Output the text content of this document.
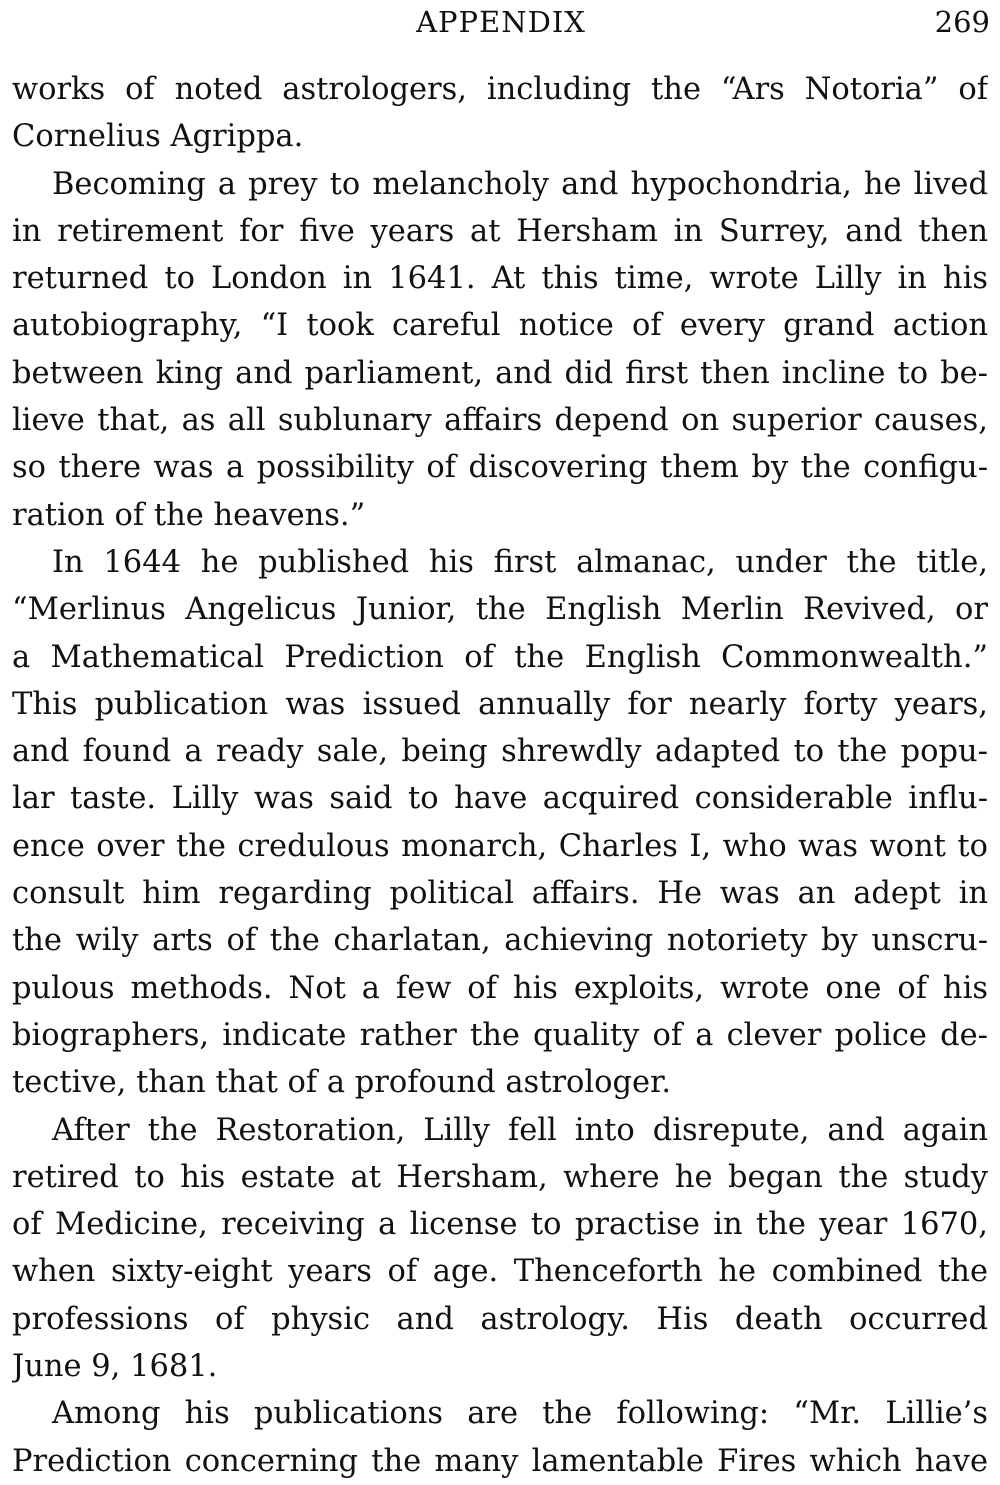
APPENDIX	269
works of noted astrologers, including the “Ars Notoria” of
Cornelius Agrippa.
Becoming a prey to melancholy and hypochondria, he lived
in retirement for five years at Hersham in Surrey, and then
returned to London in 1641. At this time, wrote Lilly in his
autobiography, “I took careful notice of every grand action
between king and parliament, and did first then incline to be-
lieve that, as all sublunary affairs depend on superior causes,
so there was a possibility of discovering them by the configu-
ration of the heavens.”
In 1644 he published his first almanac, under the title,
“Merlinus Angelicus Junior, the English Merlin Revived, or
a Mathematical Prediction of the English Commonwealth.”
This publication was issued annually for nearly forty years,
and found a ready sale, being shrewdly adapted to the popu-
lar taste. Lilly was said to have acquired considerable influ-
ence over the credulous monarch, Charles I, who was wont to
consult him regarding political affairs. He was an adept in
the wily arts of the charlatan, achieving notoriety by unscru-
pulous methods. Not a few of his exploits, wrote one of his
biographers, indicate rather the quality of a clever police de-
tective, than that of a profound astrologer.
After the Restoration, Lilly fell into disrepute, and again
retired to his estate at Hersham, where he began the study
of Medicine, receiving a license to practise in the year 1670,
when sixty-eight years of age. Thenceforth he combined the
professions of physic and astrology. His death occurred
June 9, 1681.
Among his publications are the following: “Mr. Lillie’s
Prediction concerning the many lamentable Fires which have
